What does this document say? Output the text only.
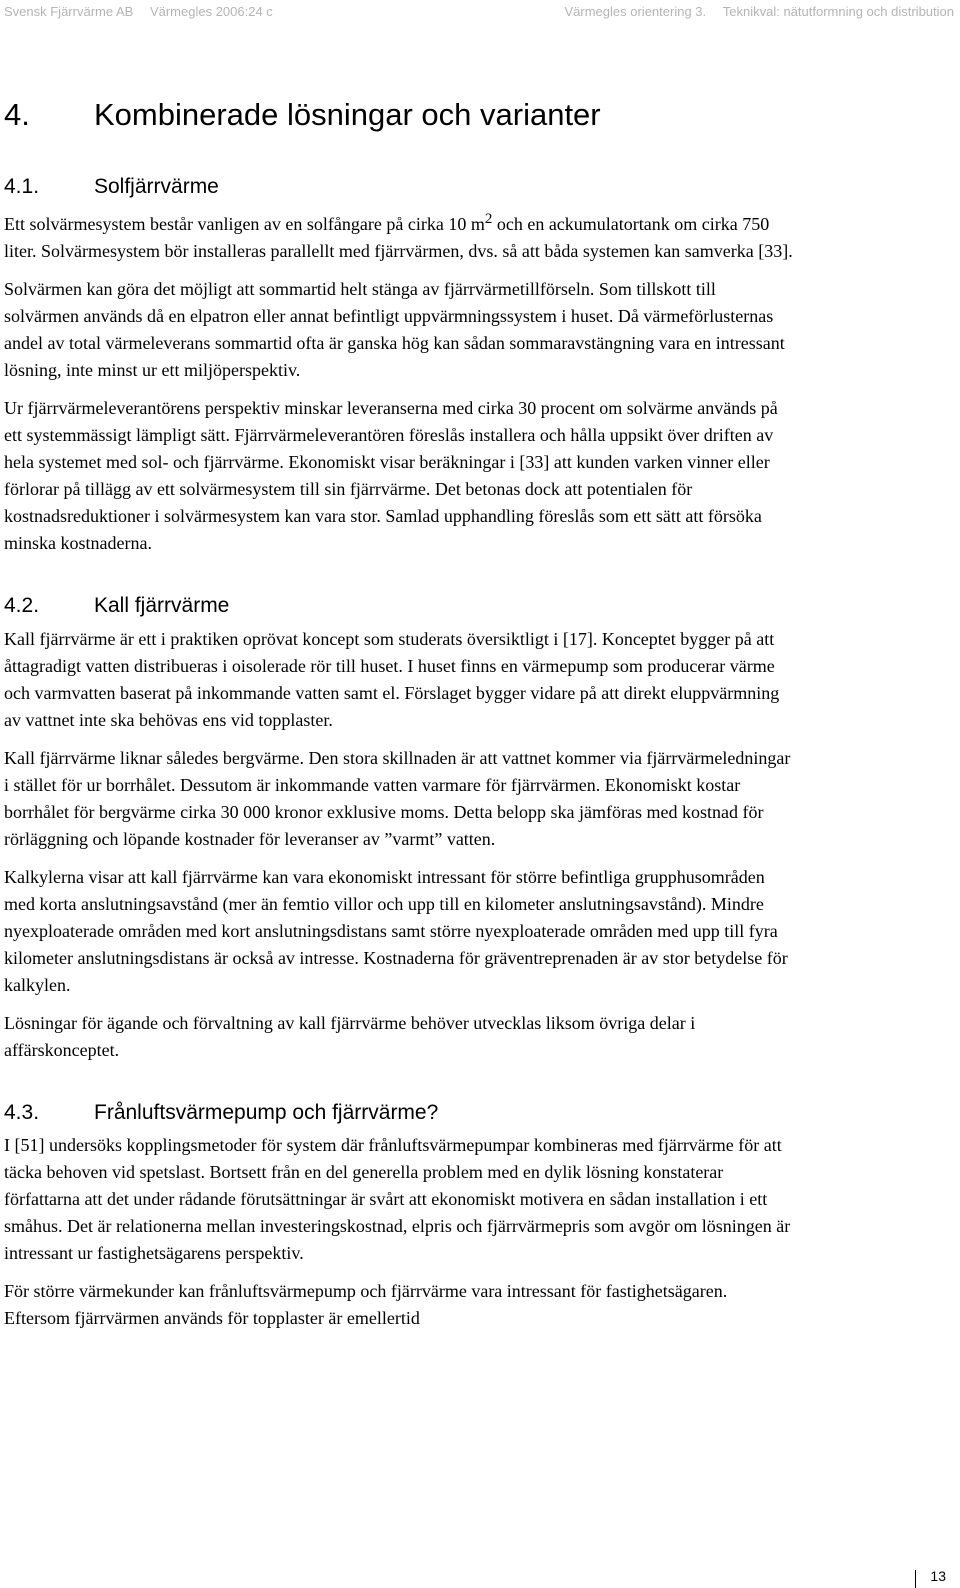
Svensk Fjärrvärme AB Värmegles 2006:24 c	Värmegles orientering 3. Teknikval: nätutformning och distribution
4. Kombinerade lösningar och varianter
4.1.	Solfjärrvärme

Ett solvärmesystem består vanligen av en solfångare på cirka 10 $m^2$ och en ackumulatortank om cirka 750 liter. Solvärmesystem bör installeras parallellt med fjärrvärmen, dvs. så att båda systemen kan samverka [33].

Solvärmen kan göra det möjligt att sommartid helt stänga av fjärrvärmetillförseln. Som tillskott till solvärmen används då en elpatron eller annat befintligt uppvärmningssystem i huset. Då värmeförlusternas andel av total värmeleverans sommartid ofta är ganska hög kan sådan sommaravstängning vara en intressant lösning, inte minst ur ett miljöperspektiv.

Ur fjärrvärmeleverantörens perspektiv minskar leveranserna med cirka 30 procent om solvärme används på ett systemmässigt lämpligt sätt. Fjärrvärmeleverantören föreslås installera och hålla uppsikt över driften av hela systemet med sol- och fjärrvärme. Ekonomiskt visar beräkningar i [33] att kunden varken vinner eller förlorar på tillägg av ett solvärmesystem till sin fjärrvärme. Det betonas dock att potentialen för kostnadsreduktioner i solvärmesystem kan vara stor. Samlad upphandling föreslås som ett sätt att försöka minska kostnaderna.

4.2.	Kall fjärrvärme

Kall fjärrvärme är ett i praktiken oprövat koncept som studerats översiktligt i [17]. Konceptet bygger på att åttagradigt vatten distribueras i oisolerade rör till huset. I huset finns en värmepump som producerar värme och varmvatten baserat på inkommande vatten samt el. Förslaget bygger vidare på att direkt eluppvärmning av vattnet inte ska behövas ens vid topplaster.

Kall fjärrvärme liknar således bergvärme. Den stora skillnaden är att vattnet kommer via fjärrvärmeledningar i stället för ur borrhålet. Dessutom är inkommande vatten varmare för fjärrvärmen. Ekonomiskt kostar borrhålet för bergvärme cirka 30 000 kronor exklusive moms. Detta belopp ska jämföras med kostnad för rörläggning och löpande kostnader för leveranser av ”varmt” vatten.

Kalkylerna visar att kall fjärrvärme kan vara ekonomiskt intressant för större befintliga grupphusområden med korta anslutningsavstånd (mer än femtio villor och upp till en kilometer anslutningsavstånd). Mindre nyexploaterade områden med kort anslutningsdistans samt större nyexploaterade områden med upp till fyra kilometer anslutningsdistans är också av intresse. Kostnaderna för gräventreprenaden är av stor betydelse för kalkylen.

Lösningar för ägande och förvaltning av kall fjärrvärme behöver utvecklas liksom övriga delar i affärskonceptet.

4.3.	Frånluftsvärmepump och fjärrvärme?

I [51] undersöks kopplingsmetoder för system där frånluftsvärmepumpar kombineras med fjärrvärme för att täcka behoven vid spetslast. Bortsett från en del generella problem med en dylik lösning konstaterar författarna att det under rådande förutsättningar är svårt att ekonomiskt motivera en sådan installation i ett småhus. Det är relationerna mellan investeringskostnad, elpris och fjärrvärmepris som avgör om lösningen är intressant ur fastighetsägarens perspektiv.

För större värmekunder kan frånluftsvärmepump och fjärrvärme vara intressant för fastighetsägaren. Eftersom fjärrvärmen används för topplaster är emellertid

13
